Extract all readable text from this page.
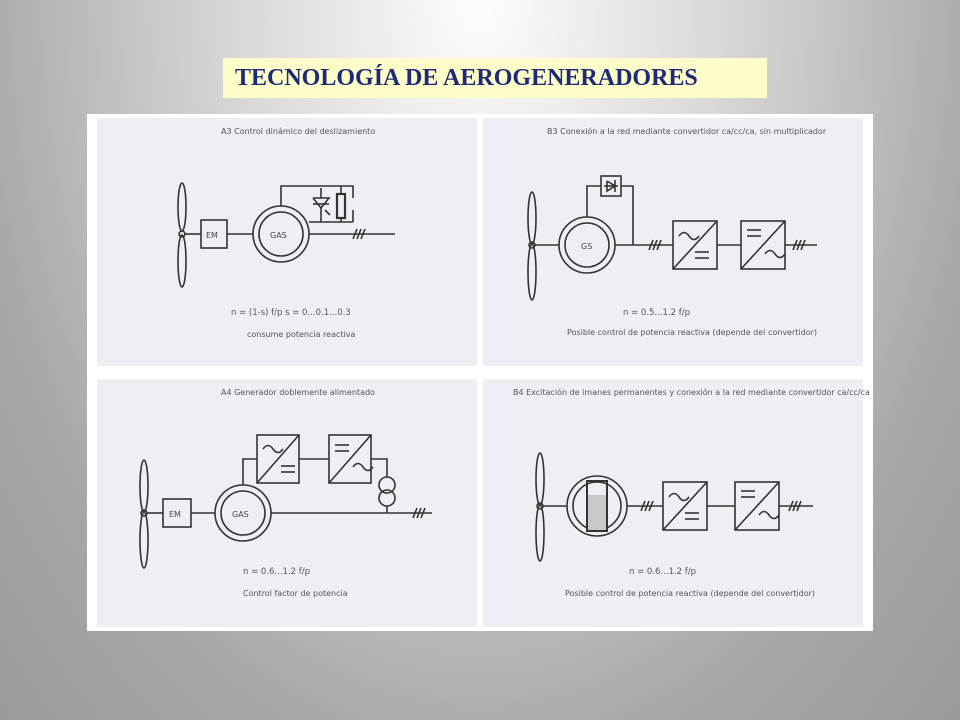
TECNOLOGÍA DE AEROGENERADORES
A3 Control dinámico del deslizamiento
EM	GAS
n = (1-s) f/p s = 0...0.1...0.3
consume potencia reactiva
B3 Conexión a la red mediante convertidor ca/cc/ca, sin multiplicador
GS
n = 0.5...1.2 f/p
Posible control de potencia reactiva (depende del convertidor)
A4 Generador doblemente alimentado
EM	GAS
n = 0.6...1.2 f/p
Control factor de potencia
B4 Excitación de imanes permanentes y conexión a la red mediante convertidor ca/cc/ca
n = 0.6...1.2 f/p
Posible control de potencia reactiva (depende del convertidor)
